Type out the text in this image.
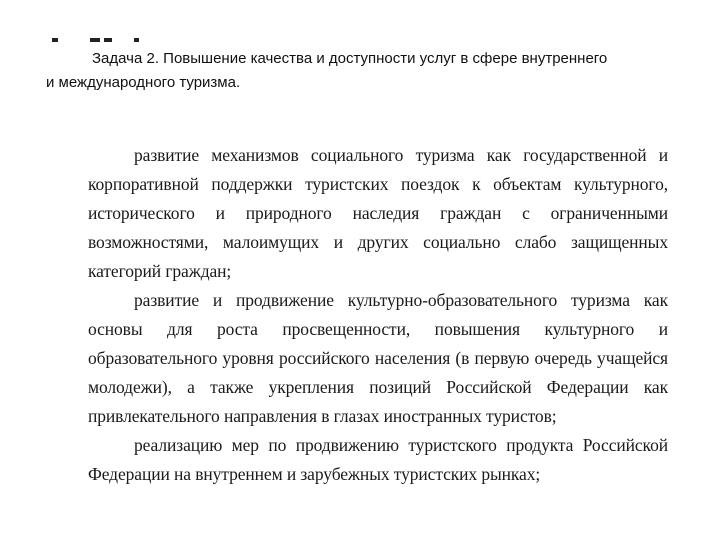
Задача 2. Повышение качества и доступности услуг в сфере внутреннего
и международного туризма.
развитие механизмов социального туризма как государственной и
корпоративной поддержки туристских поездок к объектам культурного,
исторического и природного наследия граждан с ограниченными
возможностями, малоимущих и других социально слабо защищенных
категорий граждан;
развитие и продвижение культурно-образовательного туризма как
основы для роста просвещенности, повышения культурного и
образовательного уровня российского населения (в первую очередь учащейся
молодежи), а также укрепления позиций Российской Федерации как
привлекательного направления в глазах иностранных туристов;
реализацию мер по продвижению туристского продукта Российской
Федерации на внутреннем и зарубежных туристских рынках;
